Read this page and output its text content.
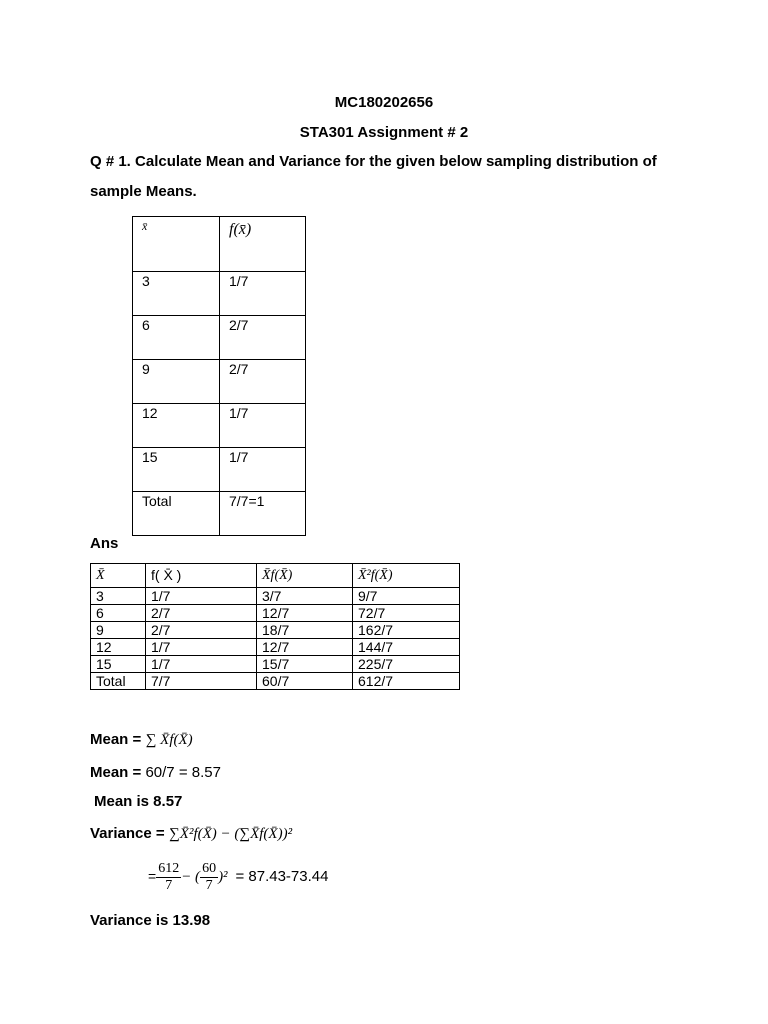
MC180202656
STA301 Assignment # 2
Q # 1. Calculate Mean and Variance for the given below sampling distribution of
sample Means.
x̄	f(x̄)
3	1/7
6	2/7
9	2/7
12	1/7
15	1/7
Total	7/7=1
Ans
X̄	f( X̄ )	X̄f(X̄)	X̄²f(X̄)
3	1/7	3/7	9/7
6	2/7	12/7	72/7
9	2/7	18/7	162/7
12	1/7	12/7	144/7
15	1/7	15/7	225/7
Total	7/7	60/7	612/7
Mean = ∑ X̄f(X̄)
Mean = 60/7 = 8.57
Mean is 8.57
Variance = ∑X̄²f(X̄) − (∑X̄f(X̄))²
= $\frac{612}{7}$ − ( $\frac{60}{7} )^2 = 87.43-73.44$
Variance is 13.98
